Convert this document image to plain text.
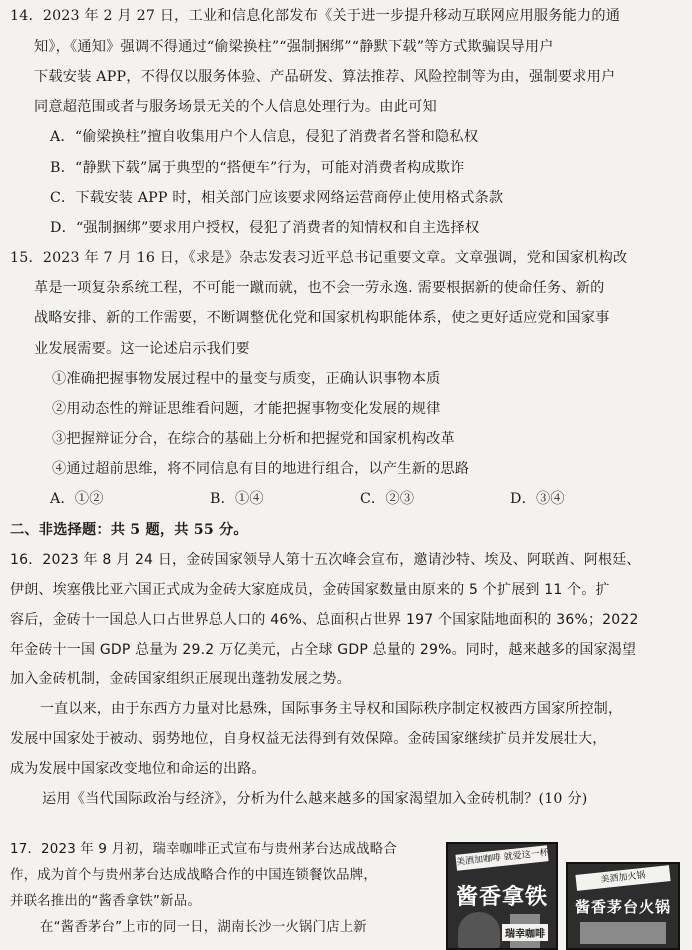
14．2023 年 2 月 27 日，工业和信息化部发布《关于进一步提升移动互联网应用服务能力的通
知》，《通知》强调不得通过“偷梁换柱”“强制捆绑”“静默下载”等方式欺骗误导用户
下载安装 APP，不得仅以服务体验、产品研发、算法推荐、风险控制等为由，强制要求用户
同意超范围或者与服务场景无关的个人信息处理行为。由此可知
A．“偷梁换柱”擅自收集用户个人信息，侵犯了消费者名誉和隐私权
B．“静默下载”属于典型的“搭便车”行为，可能对消费者构成欺诈
C．下载安装 APP 时，相关部门应该要求网络运营商停止使用格式条款
D．“强制捆绑”要求用户授权，侵犯了消费者的知情权和自主选择权
15．2023 年 7 月 16 日，《求是》杂志发表习近平总书记重要文章。文章强调，党和国家机构改
革是一项复杂系统工程，不可能一蹴而就，也不会一劳永逸. 需要根据新的使命任务、新的
战略安排、新的工作需要，不断调整优化党和国家机构职能体系，使之更好适应党和国家事
业发展需要。这一论述启示我们要
①准确把握事物发展过程中的量变与质变，正确认识事物本质
②用动态性的辩证思维看问题，才能把握事物变化发展的规律
③把握辩证分合，在综合的基础上分析和把握党和国家机构改革
④通过超前思维，将不同信息有目的地进行组合，以产生新的思路
A．①②	B．①④	C．②③	D．③④
二、非选择题：共 5 题，共 55 分。
16．2023 年 8 月 24 日，金砖国家领导人第十五次峰会宣布，邀请沙特、埃及、阿联酋、阿根廷、
伊朗、埃塞俄比亚六国正式成为金砖大家庭成员，金砖国家数量由原来的 5 个扩展到 11 个。扩
容后，金砖十一国总人口占世界总人口的 46%、总面积占世界 197 个国家陆地面积的 36%；2022
年金砖十一国 GDP 总量为 29.2 万亿美元，占全球 GDP 总量的 29%。同时，越来越多的国家渴望
加入金砖机制，金砖国家组织正展现出蓬勃发展之势。
一直以来，由于东西方力量对比悬殊，国际事务主导权和国际秩序制定权被西方国家所控制，
发展中国家处于被动、弱势地位，自身权益无法得到有效保障。金砖国家继续扩员并发展壮大，
成为发展中国家改变地位和命运的出路。
运用《当代国际政治与经济》，分析为什么越来越多的国家渴望加入金砖机制？(10 分)
17．2023 年 9 月初，瑞幸咖啡正式宣布与贵州茅台达成战略合
作，成为首个与贵州茅台达成战略合作的中国连锁餐饮品牌，
并联名推出的“酱香拿铁”新品。
在“酱香茅台”上市的同一日，湖南长沙一火锅门店上新
美酒加咖啡 就爱这一杯
酱香拿铁
瑞幸咖啡
美酒加火锅
酱香茅台火锅
